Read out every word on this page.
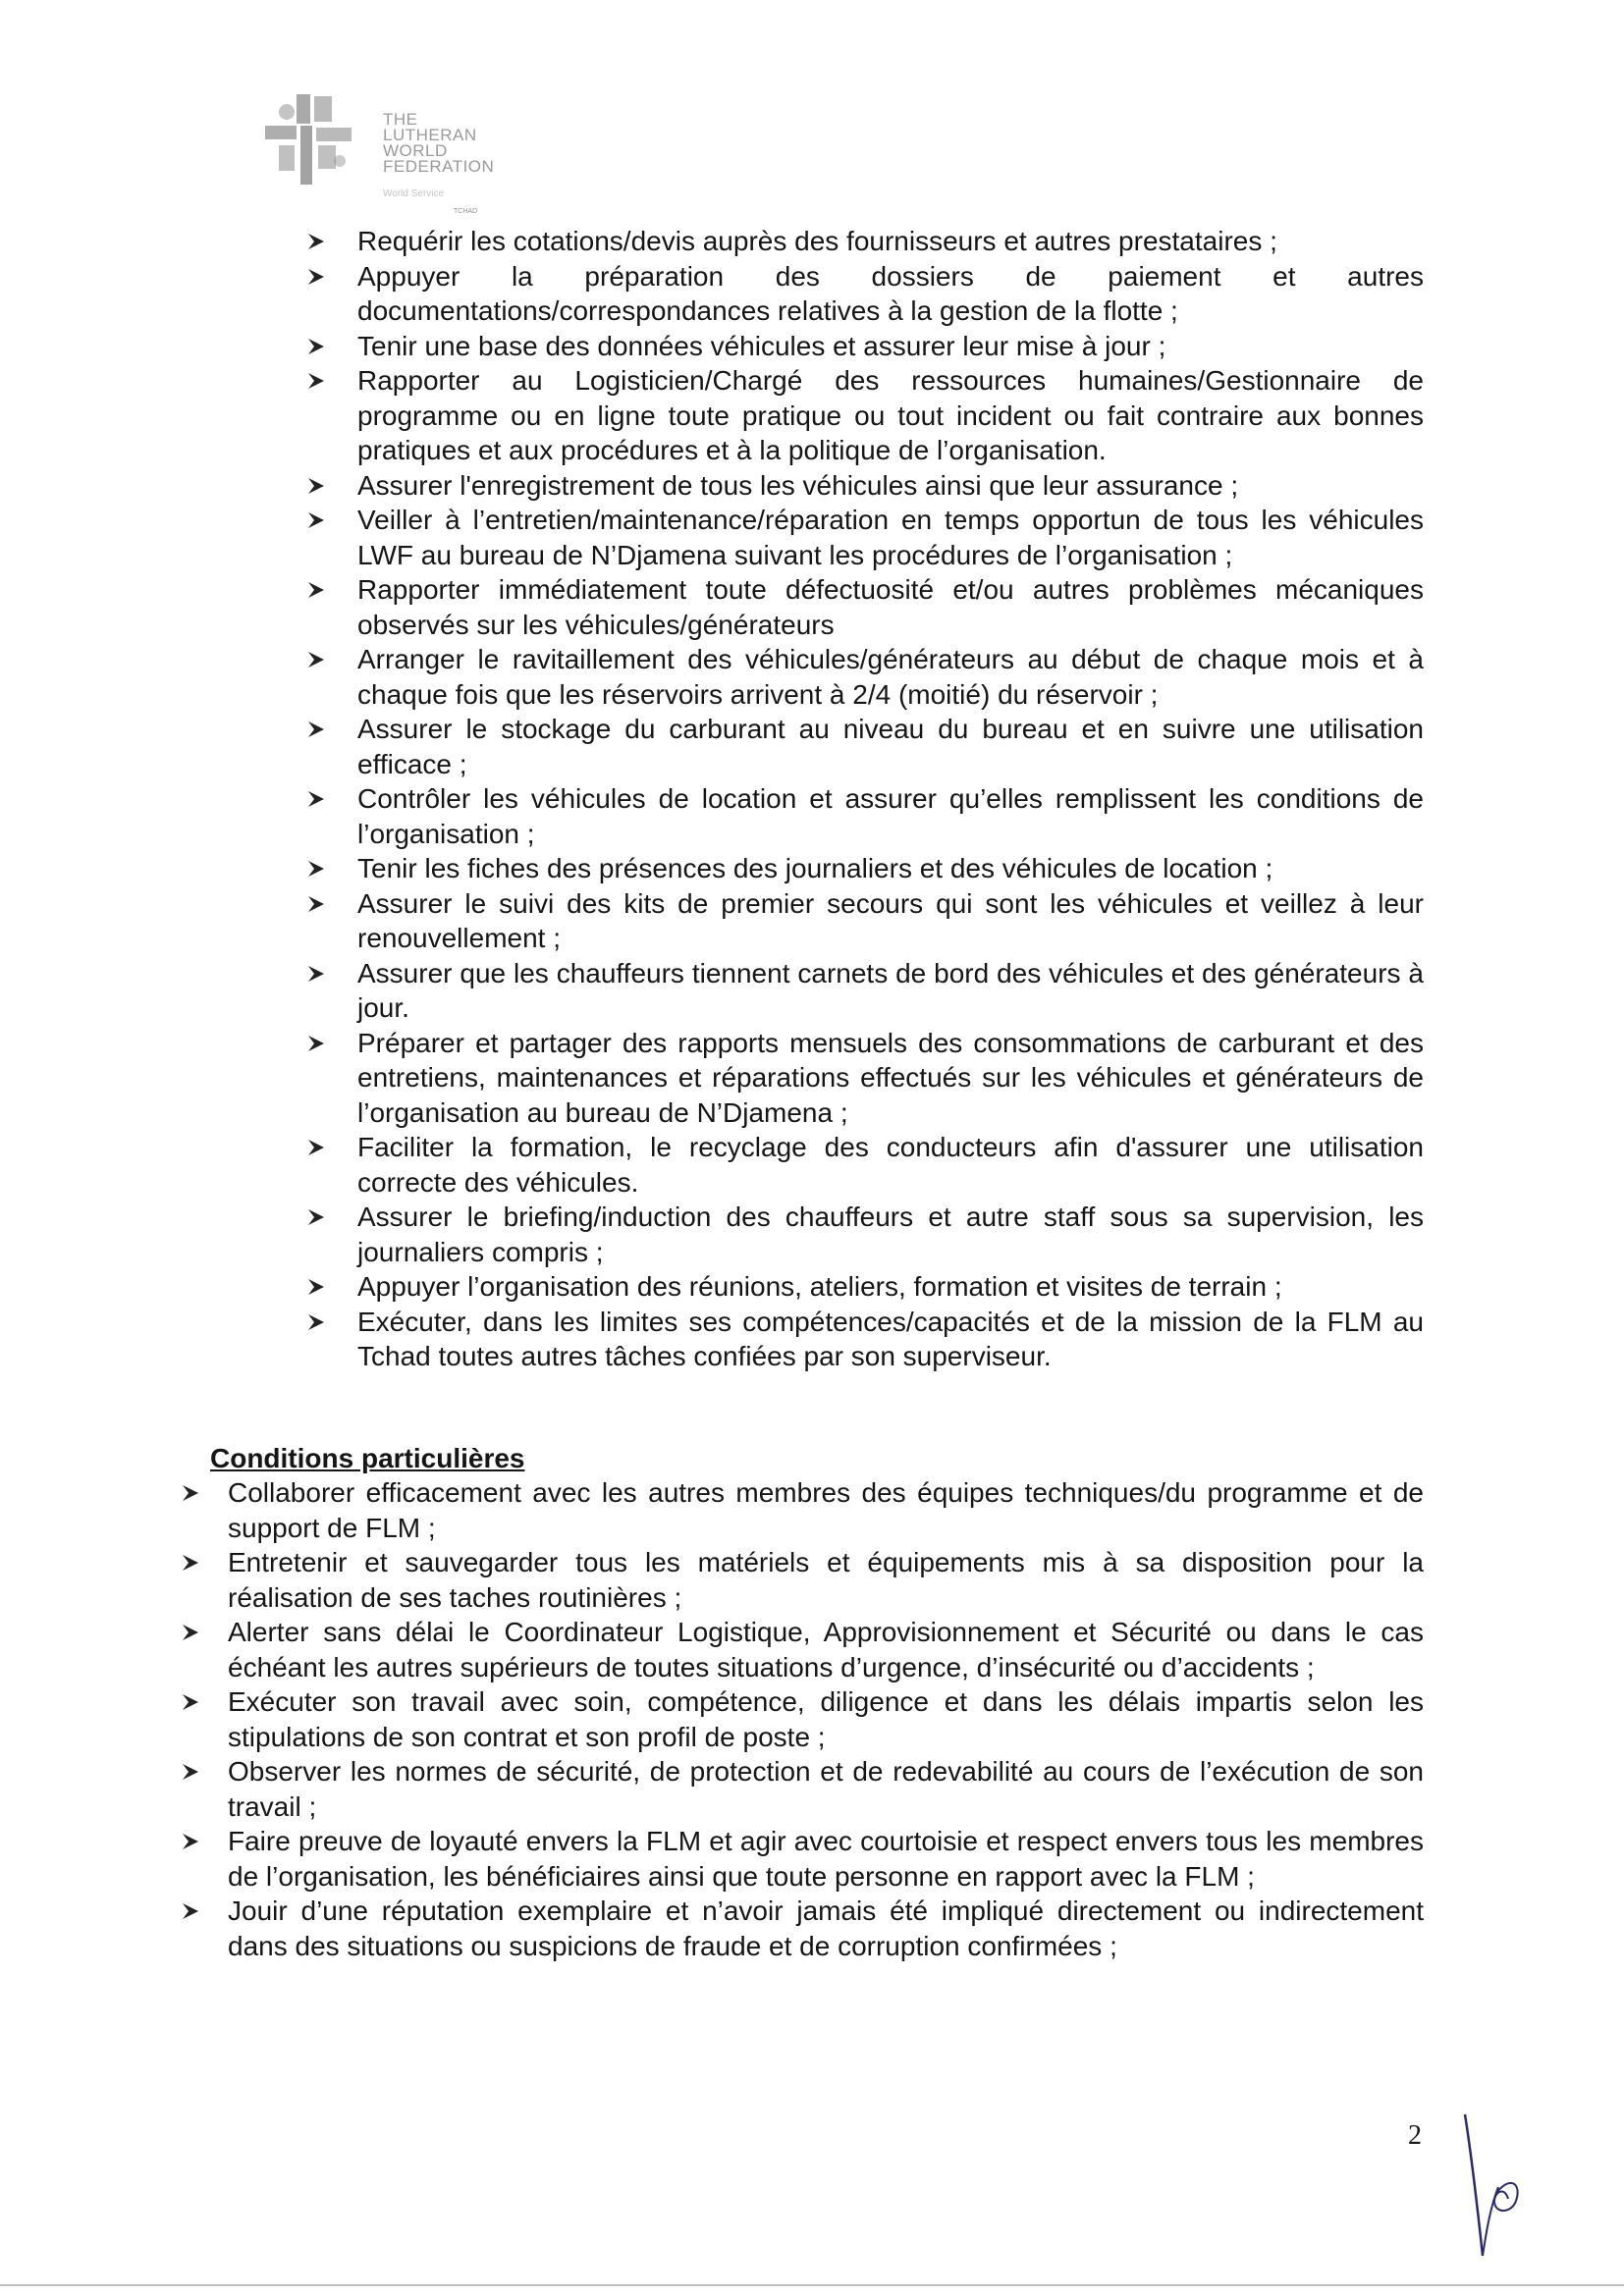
THE
LUTHERAN
WORLD
FEDERATION
World Service
TCHAD
Requérir les cotations/devis auprès des fournisseurs et autres prestataires ;
Appuyer la préparation des dossiers de paiement et autres documentations/correspondances relatives à la gestion de la flotte ;
Tenir une base des données véhicules et assurer leur mise à jour ;
Rapporter au Logisticien/Chargé des ressources humaines/Gestionnaire de programme ou en ligne toute pratique ou tout incident ou fait contraire aux bonnes pratiques et aux procédures et à la politique de l’organisation.
Assurer l'enregistrement de tous les véhicules ainsi que leur assurance ;
Veiller à l’entretien/maintenance/réparation en temps opportun de tous les véhicules LWF au bureau de N’Djamena suivant les procédures de l’organisation ;
Rapporter immédiatement toute défectuosité et/ou autres problèmes mécaniques observés sur les véhicules/générateurs
Arranger le ravitaillement des véhicules/générateurs au début de chaque mois et à chaque fois que les réservoirs arrivent à 2/4 (moitié) du réservoir ;
Assurer le stockage du carburant au niveau du bureau et en suivre une utilisation efficace ;
Contrôler les véhicules de location et assurer qu’elles remplissent les conditions de l’organisation ;
Tenir les fiches des présences des journaliers et des véhicules de location ;
Assurer le suivi des kits de premier secours qui sont les véhicules et veillez à leur renouvellement ;
Assurer que les chauffeurs tiennent carnets de bord des véhicules et des générateurs à jour.
Préparer et partager des rapports mensuels des consommations de carburant et des entretiens, maintenances et réparations effectués sur les véhicules et générateurs de l’organisation au bureau de N’Djamena ;
Faciliter la formation, le recyclage des conducteurs afin d'assurer une utilisation correcte des véhicules.
Assurer le briefing/induction des chauffeurs et autre staff sous sa supervision, les journaliers compris ;
Appuyer l’organisation des réunions, ateliers, formation et visites de terrain ;
Exécuter, dans les limites ses compétences/capacités et de la mission de la FLM au Tchad toutes autres tâches confiées par son superviseur.
Conditions particulières
Collaborer efficacement avec les autres membres des équipes techniques/du programme et de support de FLM ;
Entretenir et sauvegarder tous les matériels et équipements mis à sa disposition pour la réalisation de ses taches routinières ;
Alerter sans délai le Coordinateur Logistique, Approvisionnement et Sécurité ou dans le cas échéant les autres supérieurs de toutes situations d’urgence, d’insécurité ou d’accidents ;
Exécuter son travail avec soin, compétence, diligence et dans les délais impartis selon les stipulations de son contrat et son profil de poste ;
Observer les normes de sécurité, de protection et de redevabilité au cours de l’exécution de son travail ;
Faire preuve de loyauté envers la FLM et agir avec courtoisie et respect envers tous les membres de l’organisation, les bénéficiaires ainsi que toute personne en rapport avec la FLM ;
Jouir d’une réputation exemplaire et n’avoir jamais été impliqué directement ou indirectement dans des situations ou suspicions de fraude et de corruption confirmées ;
2
